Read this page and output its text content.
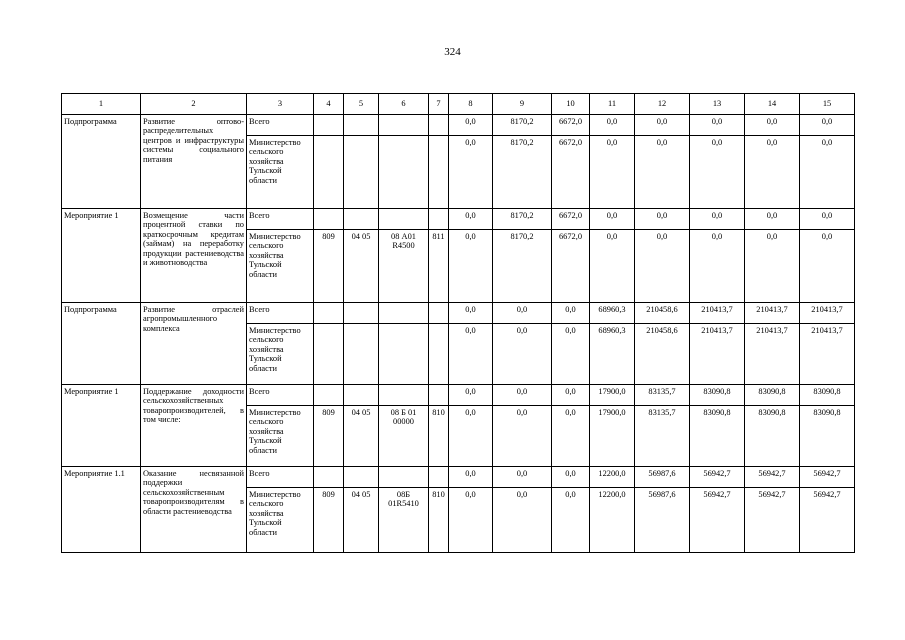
324
1	2	3	4	5	6	7	8	9	10	11	12	13	14	15
Подпрограмма	Развитие оптово-распределительных центров и инфраструктуры системы социального питания	Всего					0,0	8170,2	6672,0	0,0	0,0	0,0	0,0	0,0
		Министерство сельского хозяйства Тульской области					0,0	8170,2	6672,0	0,0	0,0	0,0	0,0	0,0
Мероприятие 1	Возмещение части процентной ставки по краткосрочным кредитам (займам) на переработку продукции растениеводства и животноводства	Всего					0,0	8170,2	6672,0	0,0	0,0	0,0	0,0	0,0
		Министерство сельского хозяйства Тульской области	809	04 05	08 А01 R4500	811	0,0	8170,2	6672,0	0,0	0,0	0,0	0,0	0,0
Подпрограмма	Развитие отраслей агропромышленного комплекса	Всего					0,0	0,0	0,0	68960,3	210458,6	210413,7	210413,7	210413,7
		Министерство сельского хозяйства Тульской области					0,0	0,0	0,0	68960,3	210458,6	210413,7	210413,7	210413,7
Мероприятие 1	Поддержание доходности сельскохозяйственных товаропроизводителей, в том числе:	Всего					0,0	0,0	0,0	17900,0	83135,7	83090,8	83090,8	83090,8
		Министерство сельского хозяйства Тульской области	809	04 05	08 Б 01 00000	810	0,0	0,0	0,0	17900,0	83135,7	83090,8	83090,8	83090,8
Мероприятие 1.1	Оказание несвязанной поддержки сельскохозяйственным товаропроизводителям в области растениеводства	Всего					0,0	0,0	0,0	12200,0	56987,6	56942,7	56942,7	56942,7
		Министерство сельского хозяйства Тульской области	809	04 05	08Б 01R5410	810	0,0	0,0	0,0	12200,0	56987,6	56942,7	56942,7	56942,7
